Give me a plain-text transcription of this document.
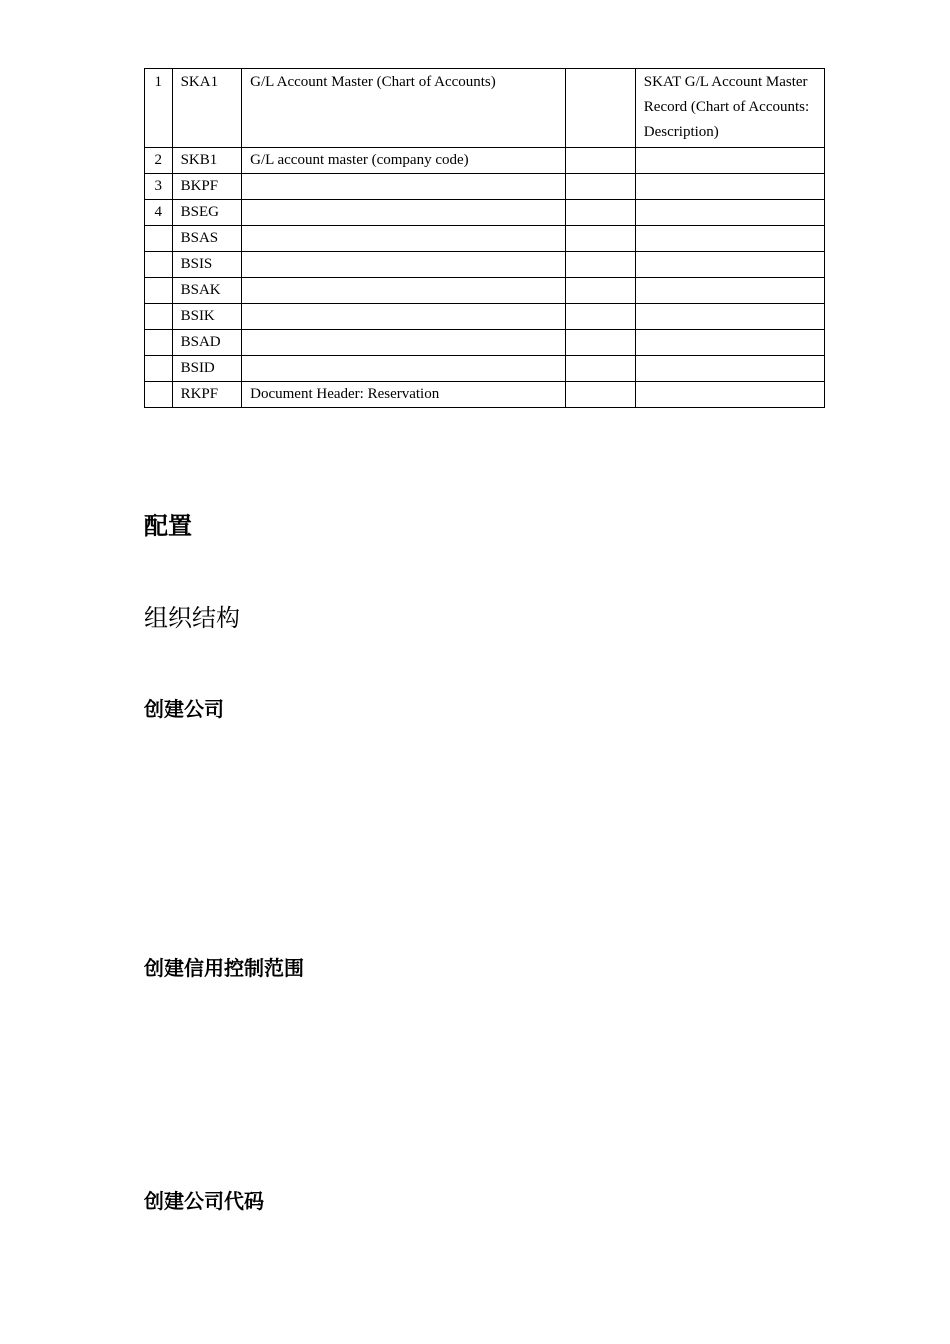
1	SKA1	G/L Account Master (Chart of Accounts)		SKAT G/L Account Master Record (Chart of Accounts: Description)
2	SKB1	G/L account master (company code)		
3	BKPF			
4	BSEG			
	BSAS			
	BSIS			
	BSAK			
	BSIK			
	BSAD			
	BSID			
	RKPF	Document Header: Reservation		
配置
组织结构
创建公司
创建信用控制范围
创建公司代码
